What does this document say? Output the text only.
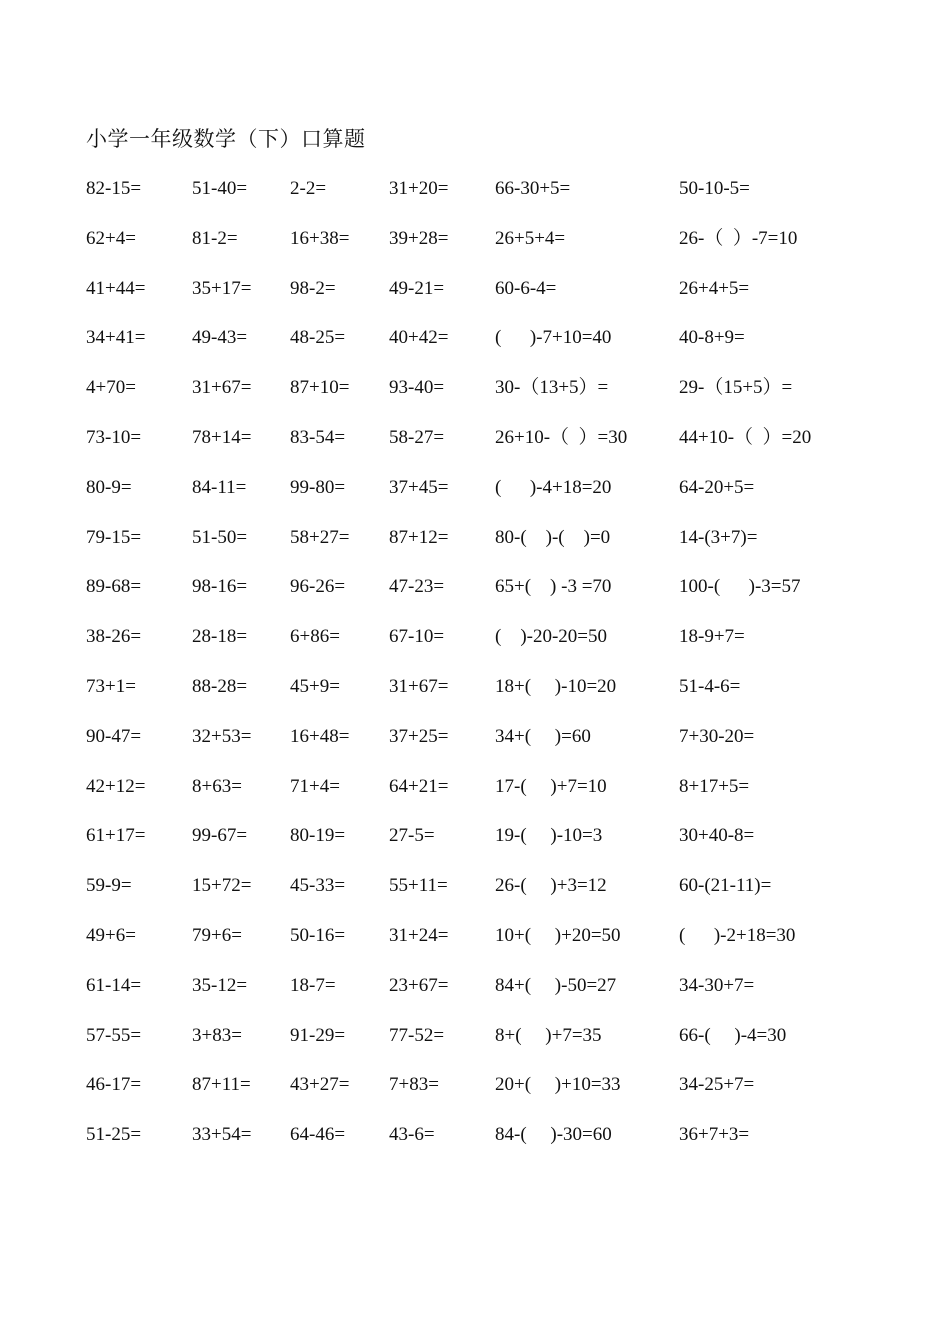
小学一年级数学（下）口算题
82-15=	51-40= 2-2=	31+20= 66-30+5=	50-10-5=
62+4=	81-2=	16+38= 39+28= 26+5+4=	26-（  ）-7=10
41+44= 35+17= 98-2=	49-21=	60-6-4=	26+4+5=
34+41= 49-43= 48-25= 40+42= (      )-7+10=40	40-8+9=
4+70=	31+67= 87+10= 93-40=	30-（13+5）=	29-（15+5）=
73-10=	78+14= 83-54= 58-27=	26+10-（  ）=30	44+10-（  ）=20
80-9=	84-11= 99-80= 37+45= (      )-4+18=20	64-20+5=
79-15=	51-50= 58+27= 87+12= 80-(    )-(    )=0	14-(3+7)=
89-68=	98-16= 96-26= 47-23=	65+(    ) -3 =70	100-(      )-3=57
38-26=	28-18= 6+86=	67-10=	(    )-20-20=50	18-9+7=
73+1=	88-28= 45+9=	31+67= 18+(     )-10=20	51-4-6=
90-47=	32+53= 16+48= 37+25= 34+(     )=60	7+30-20=
42+12= 8+63=	71+4=	64+21= 17-(     )+7=10	8+17+5=
61+17= 99-67= 80-19= 27-5=	19-(     )-10=3	30+40-8=
59-9=	15+72= 45-33= 55+11= 26-(     )+3=12	60-(21-11)=
49+6=	79+6=	50-16= 31+24= 10+(     )+20=50	(      )-2+18=30
61-14=	35-12= 18-7=	23+67= 84+(     )-50=27	34-30+7=
57-55=	3+83=	91-29= 77-52=	8+(     )+7=35	66-(     )-4=30
46-17=	87+11= 43+27= 7+83=	20+(     )+10=33	34-25+7=
51-25=	33+54= 64-46= 43-6=	84-(     )-30=60	36+7+3=
